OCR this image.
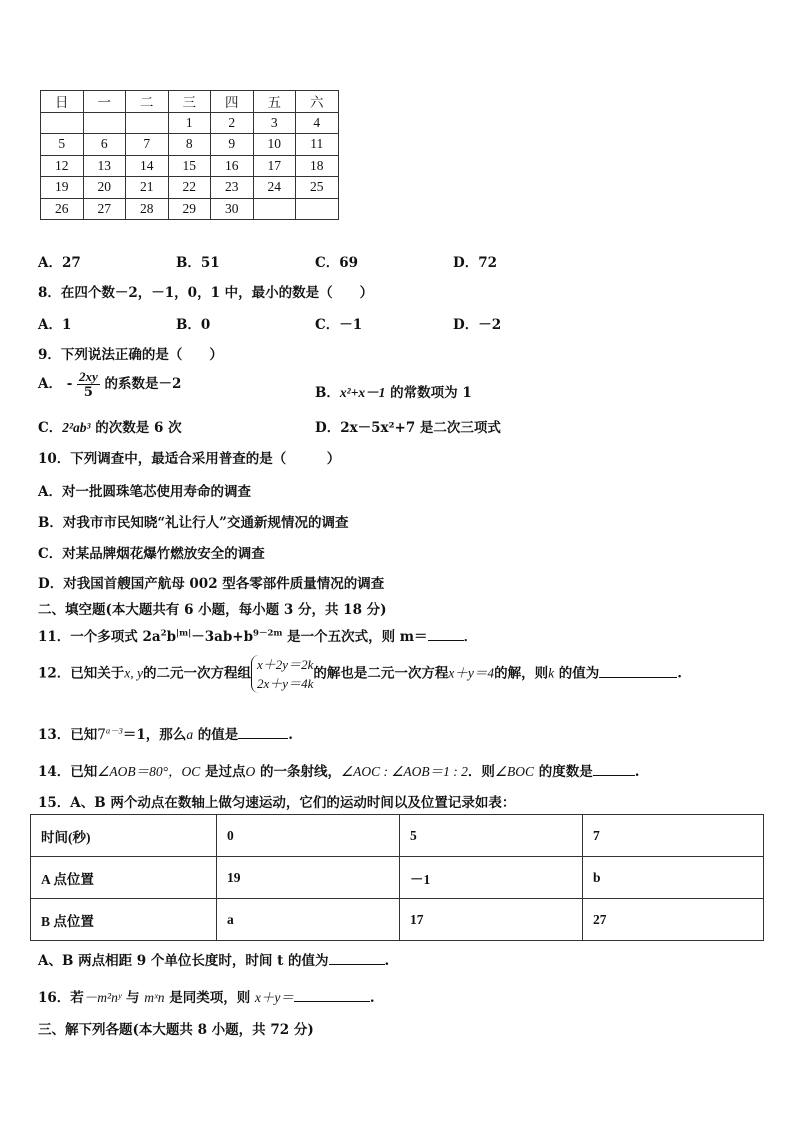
日	一	二	三	四	五	六
			1	2	3	4
5	6	7	8	9	10	11
12	13	14	15	16	17	18
19	20	21	22	23	24	25
26	27	28	29	30		
A．27	B．51	C．69	D．72
8．在四个数－2，－1，0，1 中，最小的数是（　　）
A．1	B．0	C．－1	D．－2
9．下列说法正确的是（　　）
A． - $\frac{2xy}{5}$ 的系数是－2
B．x²+x－1 的常数项为 1
C．2²ab³ 的次数是 6 次	D．2x－5x²+7 是二次三项式
10．下列调查中，最适合采用普查的是（　　　）
A．对一批圆珠笔芯使用寿命的调查
B．对我市市民知晓“礼让行人”交通新规情况的调查
C．对某品牌烟花爆竹燃放安全的调查
D．对我国首艘国产航母 002 型各零部件质量情况的调查
二、填空题(本大题共有 6 小题，每小题 3 分，共 18 分)
11．一个多项式 $2a^2b^{|m|}-3ab+b^{9-2m}$ 是一个五次式，则 m＝	．
12．已知关于x, y的二元一次方程组
x＋2y＝2k
2x＋y＝4k
的解也是二元一次方程x＋y＝4的解，则k 的值为	.
13．已知$7^{a-3}=1$，那么a 的值是	.
14．已知∠AOB＝80°，OC 是过点O 的一条射线，∠AOC : ∠AOB＝1 : 2．则∠BOC 的度数是	.
15．A、B 两个动点在数轴上做匀速运动，它们的运动时间以及位置记录如表：
时间(秒)	0	5	7
A 点位置	19	－1	b
B 点位置	a	17	27
A、B 两点相距 9 个单位长度时，时间 t 的值为	.
16．若－m²nʸ 与 mˣn 是同类项，则 x＋y＝	.
三、解下列各题(本大题共 8 小题，共 72 分)
